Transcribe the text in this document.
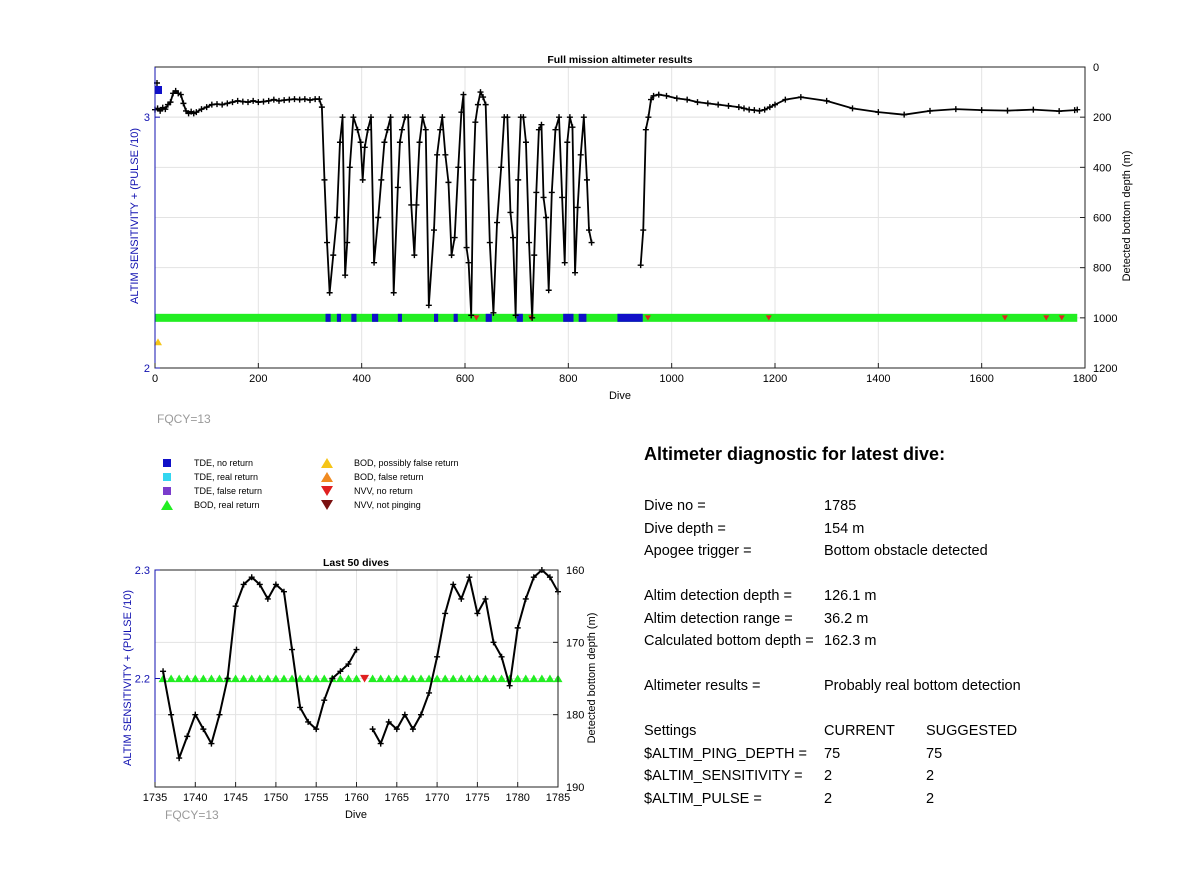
0	200	400	600	800	1000	1200	1400	1600	1800
2
3
0
200
400
600
800
1000
1200
Full mission altimeter results
Dive
ALTIM SENSITIVITY + (PULSE /10)	Detected bottom depth (m)
1735 1740 1745 1750 1755 1760 1765 1770 1775 1780 1785
2.2
2.3	160
170
180
190
Last 50 dives
Dive
ALTIM SENSITIVITY + (PULSE /10)	Detected bottom depth (m)
FQCY=13
FQCY=13
TDE, no return
TDE, real return
TDE, false return
BOD, real return
BOD, possibly false return
BOD, false return
NVV, no return
NVV, not pinging
Altimeter diagnostic for latest dive:
Dive no =	1785
Dive depth =	154 m
Apogee trigger =	Bottom obstacle detected
Altim detection depth =	126.1 m
Altim detection range =	36.2 m
Calculated bottom depth = 162.3 m
Altimeter results =	Probably real bottom detection
Settings	CURRENT	SUGGESTED
$ALTIM_PING_DEPTH =	75	75
$ALTIM_SENSITIVITY =	2	2
$ALTIM_PULSE =	2	2
